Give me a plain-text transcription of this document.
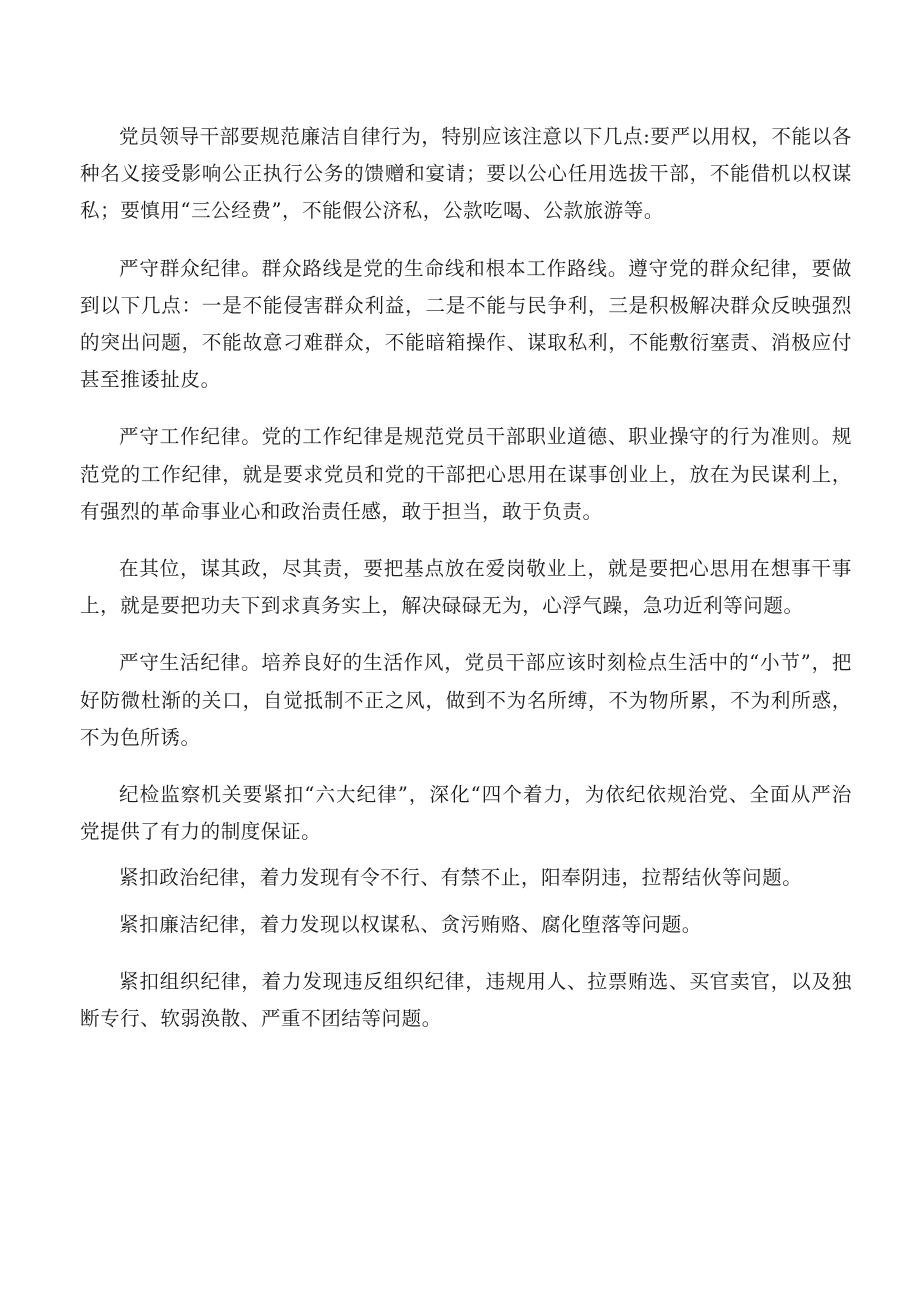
党员领导干部要规范廉洁自律行为，特别应该注意以下几点:要严以用权，不能以各种名义接受影响公正执行公务的馈赠和宴请；要以公心任用选拔干部，不能借机以权谋私；要慎用“三公经费”，不能假公济私，公款吃喝、公款旅游等。

严守群众纪律。群众路线是党的生命线和根本工作路线。遵守党的群众纪律，要做到以下几点：一是不能侵害群众利益，二是不能与民争利，三是积极解决群众反映强烈的突出问题，不能故意刁难群众，不能暗箱操作、谋取私利，不能敷衍塞责、消极应付甚至推诿扯皮。

严守工作纪律。党的工作纪律是规范党员干部职业道德、职业操守的行为准则。规范党的工作纪律，就是要求党员和党的干部把心思用在谋事创业上，放在为民谋利上，有强烈的革命事业心和政治责任感，敢于担当，敢于负责。

在其位，谋其政，尽其责，要把基点放在爱岗敬业上，就是要把心思用在想事干事上，就是要把功夫下到求真务实上，解决碌碌无为，心浮气躁，急功近利等问题。

严守生活纪律。培养良好的生活作风，党员干部应该时刻检点生活中的“小节”，把好防微杜渐的关口，自觉抵制不正之风，做到不为名所缚，不为物所累，不为利所惑，不为色所诱。

纪检监察机关要紧扣“六大纪律”，深化“四个着力，为依纪依规治党、全面从严治党提供了有力的制度保证。

紧扣政治纪律，着力发现有令不行、有禁不止，阳奉阴违，拉帮结伙等问题。

紧扣廉洁纪律，着力发现以权谋私、贪污贿赂、腐化堕落等问题。

紧扣组织纪律，着力发现违反组织纪律，违规用人、拉票贿选、买官卖官，以及独断专行、软弱涣散、严重不团结等问题。
